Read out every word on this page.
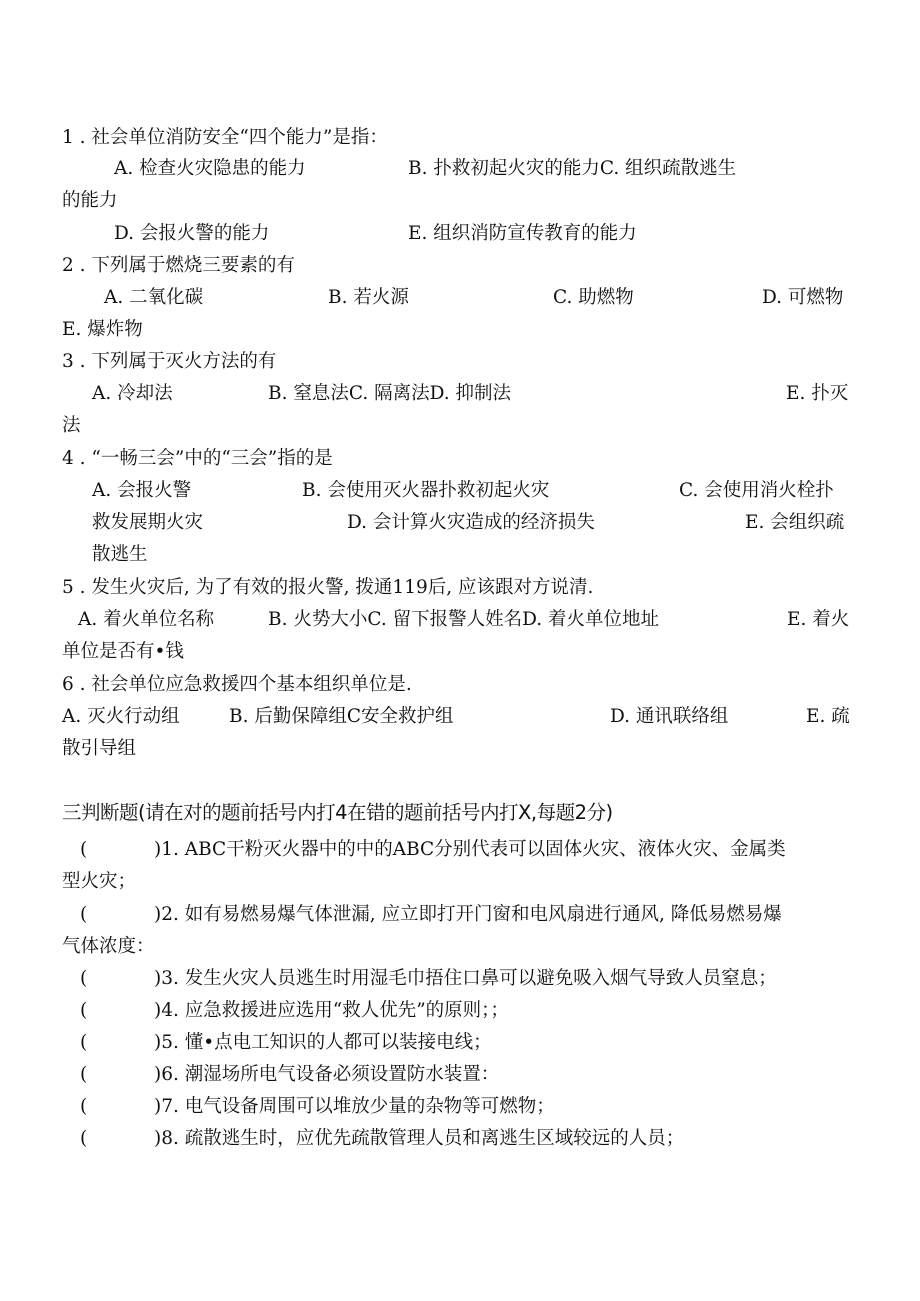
1 . 社会单位消防安全“四个能力”是指：
A. 检查火灾隐患的能力	B. 扑救初起火灾的能力C. 组织疏散逃生
的能力
D. 会报火警的能力	E. 组织消防宣传教育的能力
2 . 下列属于燃烧三要素的有
A. 二氧化碳	B. 若火源	C. 助燃物	D. 可燃物
E. 爆炸物
3 . 下列属于灭火方法的有
A. 冷却法	B. 窒息法C. 隔离法D. 抑制法	E. 扑灭
法
4 . “一畅三会”中的“三会”指的是
A. 会报火警	B. 会使用灭火器扑救初起火灾	C. 会使用消火栓扑
救发展期火灾	D. 会计算火灾造成的经济损失	E. 会组织疏
散逃生
5 . 发生火灾后, 为了有效的报火警, 拨通119后, 应该跟对方说清.
A. 着火单位名称	B. 火势大小C. 留下报警人姓名D. 着火单位地址	E. 着火
单位是否有•钱
6 . 社会单位应急救援四个基本组织单位是.
A. 灭火行动组	B. 后勤保障组C安全救护组	D. 通讯联络组	E. 疏
散引导组
三判断题(请在对的题前括号内打4在错的题前括号内打X,每题2分)
(	)1. ABC干粉灭火器中的中的ABC分别代表可以固体火灾、液体火灾、金属类
型火灾；
(	)2. 如有易燃易爆气体泄漏, 应立即打开门窗和电风扇进行通风, 降低易燃易爆
气体浓度：
(	)3. 发生火灾人员逃生时用湿毛巾捂住口鼻可以避免吸入烟气导致人员窒息；
(	)4. 应急救援进应选用“救人优先”的原则；；
(	)5. 懂•点电工知识的人都可以装接电线；
(	)6. 潮湿场所电气设备必须设置防水装置：
(	)7. 电气设备周围可以堆放少量的杂物等可燃物；
(	)8. 疏散逃生时，应优先疏散管理人员和离逃生区域较远的人员；
